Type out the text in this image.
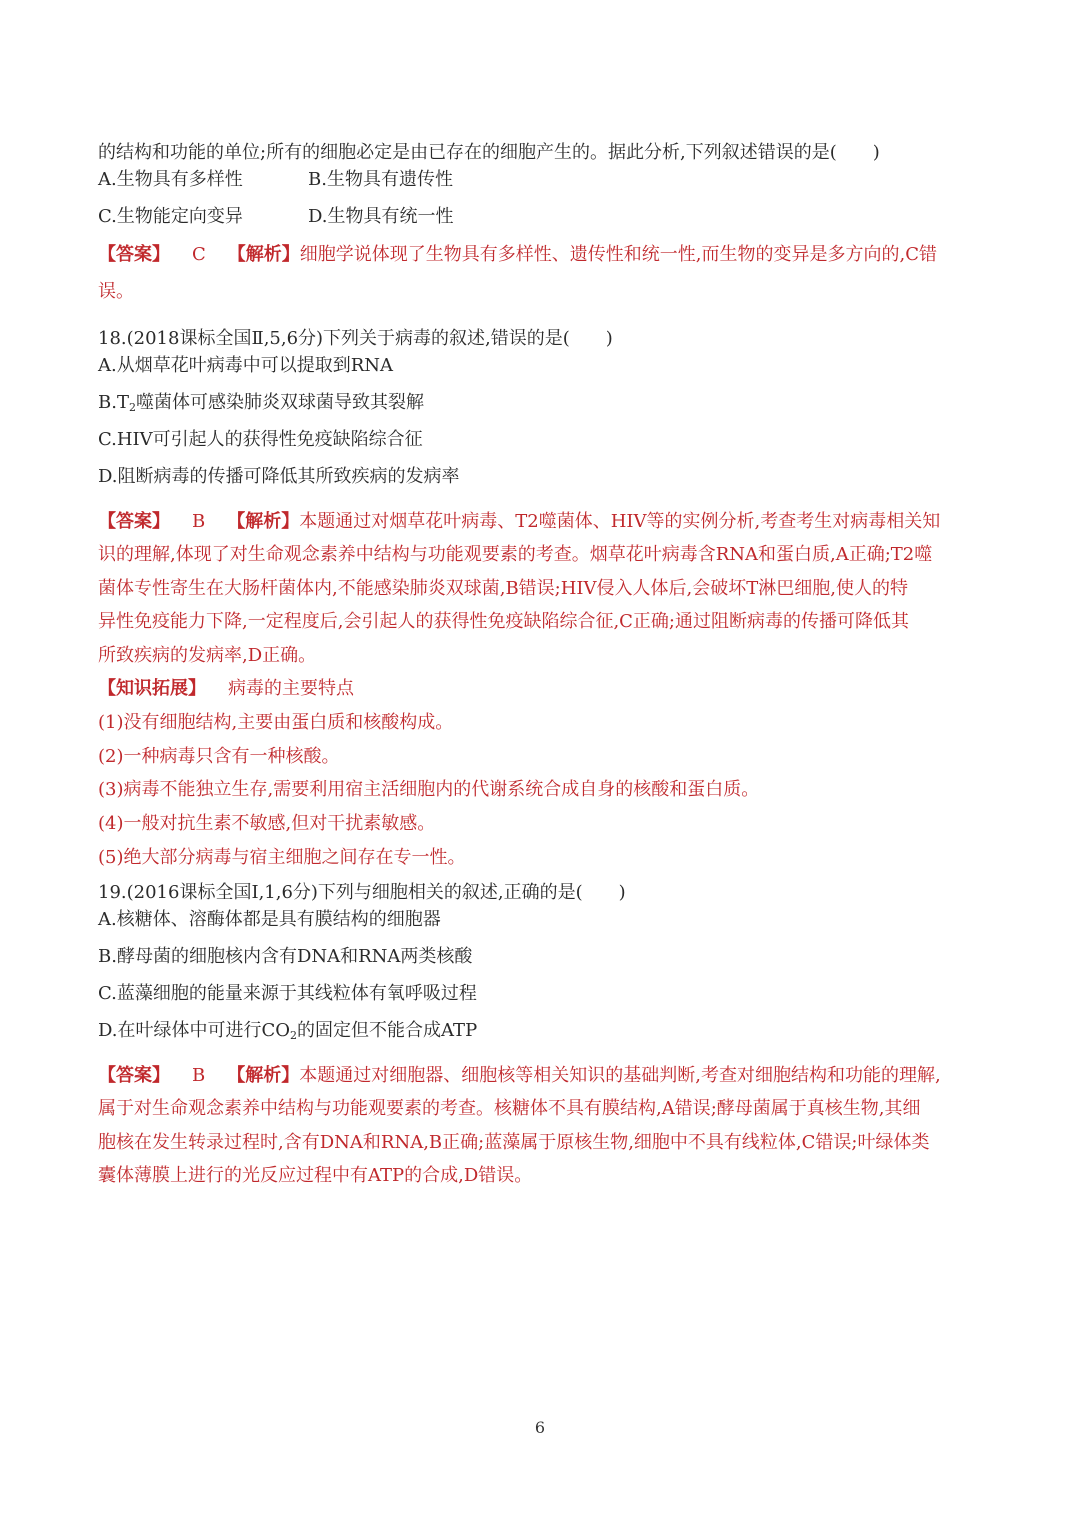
的结构和功能的单位;所有的细胞必定是由已存在的细胞产生的。据此分析,下列叙述错误的是(　　)
A.生物具有多样性	B.生物具有遗传性
C.生物能定向变异	D.生物具有统一性
【答案】 C 【解析】细胞学说体现了生物具有多样性、遗传性和统一性,而生物的变异是多方向的,C错
误。
18.(2018课标全国Ⅱ,5,6分)下列关于病毒的叙述,错误的是(　　)
A.从烟草花叶病毒中可以提取到RNA
$B.T_2$噬菌体可感染肺炎双球菌导致其裂解
C.HIV可引起人的获得性免疫缺陷综合征
D.阻断病毒的传播可降低其所致疾病的发病率
【答案】 B 【解析】本题通过对烟草花叶病毒、T2噬菌体、HIV等的实例分析,考查考生对病毒相关知
识的理解,体现了对生命观念素养中结构与功能观要素的考查。烟草花叶病毒含RNA和蛋白质,A正确;T2噬
菌体专性寄生在大肠杆菌体内,不能感染肺炎双球菌,B错误;HIV侵入人体后,会破坏T淋巴细胞,使人的特
异性免疫能力下降,一定程度后,会引起人的获得性免疫缺陷综合征,C正确;通过阻断病毒的传播可降低其
所致疾病的发病率,D正确。
【知识拓展】 病毒的主要特点
(1)没有细胞结构,主要由蛋白质和核酸构成。
(2)一种病毒只含有一种核酸。
(3)病毒不能独立生存,需要利用宿主活细胞内的代谢系统合成自身的核酸和蛋白质。
(4)一般对抗生素不敏感,但对干扰素敏感。
(5)绝大部分病毒与宿主细胞之间存在专一性。
19.(2016课标全国Ⅰ,1,6分)下列与细胞相关的叙述,正确的是(　　)
A.核糖体、溶酶体都是具有膜结构的细胞器
B.酵母菌的细胞核内含有DNA和RNA两类核酸
C.蓝藻细胞的能量来源于其线粒体有氧呼吸过程
D.在叶绿体中可进行$CO_2$的固定但不能合成ATP
【答案】 B 【解析】本题通过对细胞器、细胞核等相关知识的基础判断,考查对细胞结构和功能的理解,
属于对生命观念素养中结构与功能观要素的考查。核糖体不具有膜结构,A错误;酵母菌属于真核生物,其细
胞核在发生转录过程时,含有DNA和RNA,B正确;蓝藻属于原核生物,细胞中不具有线粒体,C错误;叶绿体类
囊体薄膜上进行的光反应过程中有ATP的合成,D错误。
6
